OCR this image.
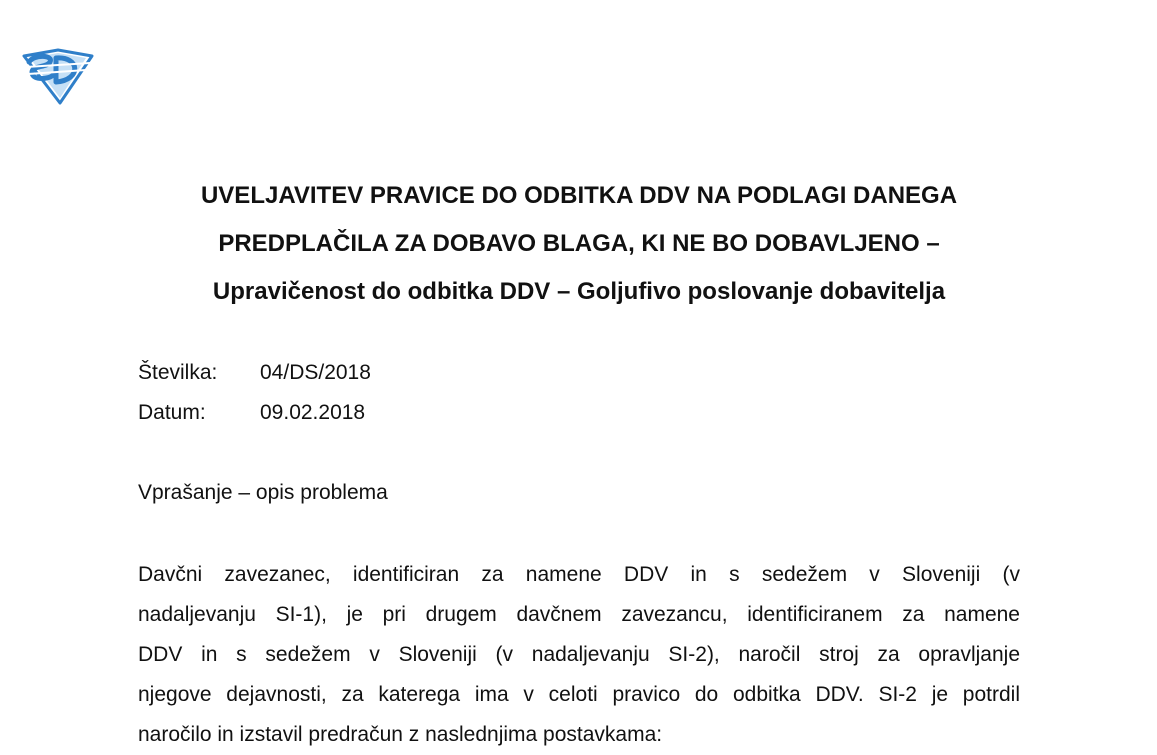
UVELJAVITEV PRAVICE DO ODBITKA DDV NA PODLAGI DANEGA
PREDPLAČILA ZA DOBAVO BLAGA, KI NE BO DOBAVLJENO –
Upravičenost do odbitka DDV – Goljufivo poslovanje dobavitelja
Številka: 04/DS/2018
Datum:	09.02.2018
Vprašanje – opis problema
Davčni zavezanec, identificiran za namene DDV in s sedežem v Sloveniji (v
nadaljevanju SI-1), je pri drugem davčnem zavezancu, identificiranem za namene
DDV in s sedežem v Sloveniji (v nadaljevanju SI-2), naročil stroj za opravljanje
njegove dejavnosti, za katerega ima v celoti pravico do odbitka DDV. SI-2 je potrdil
naročilo in izstavil predračun z naslednjima postavkama:
